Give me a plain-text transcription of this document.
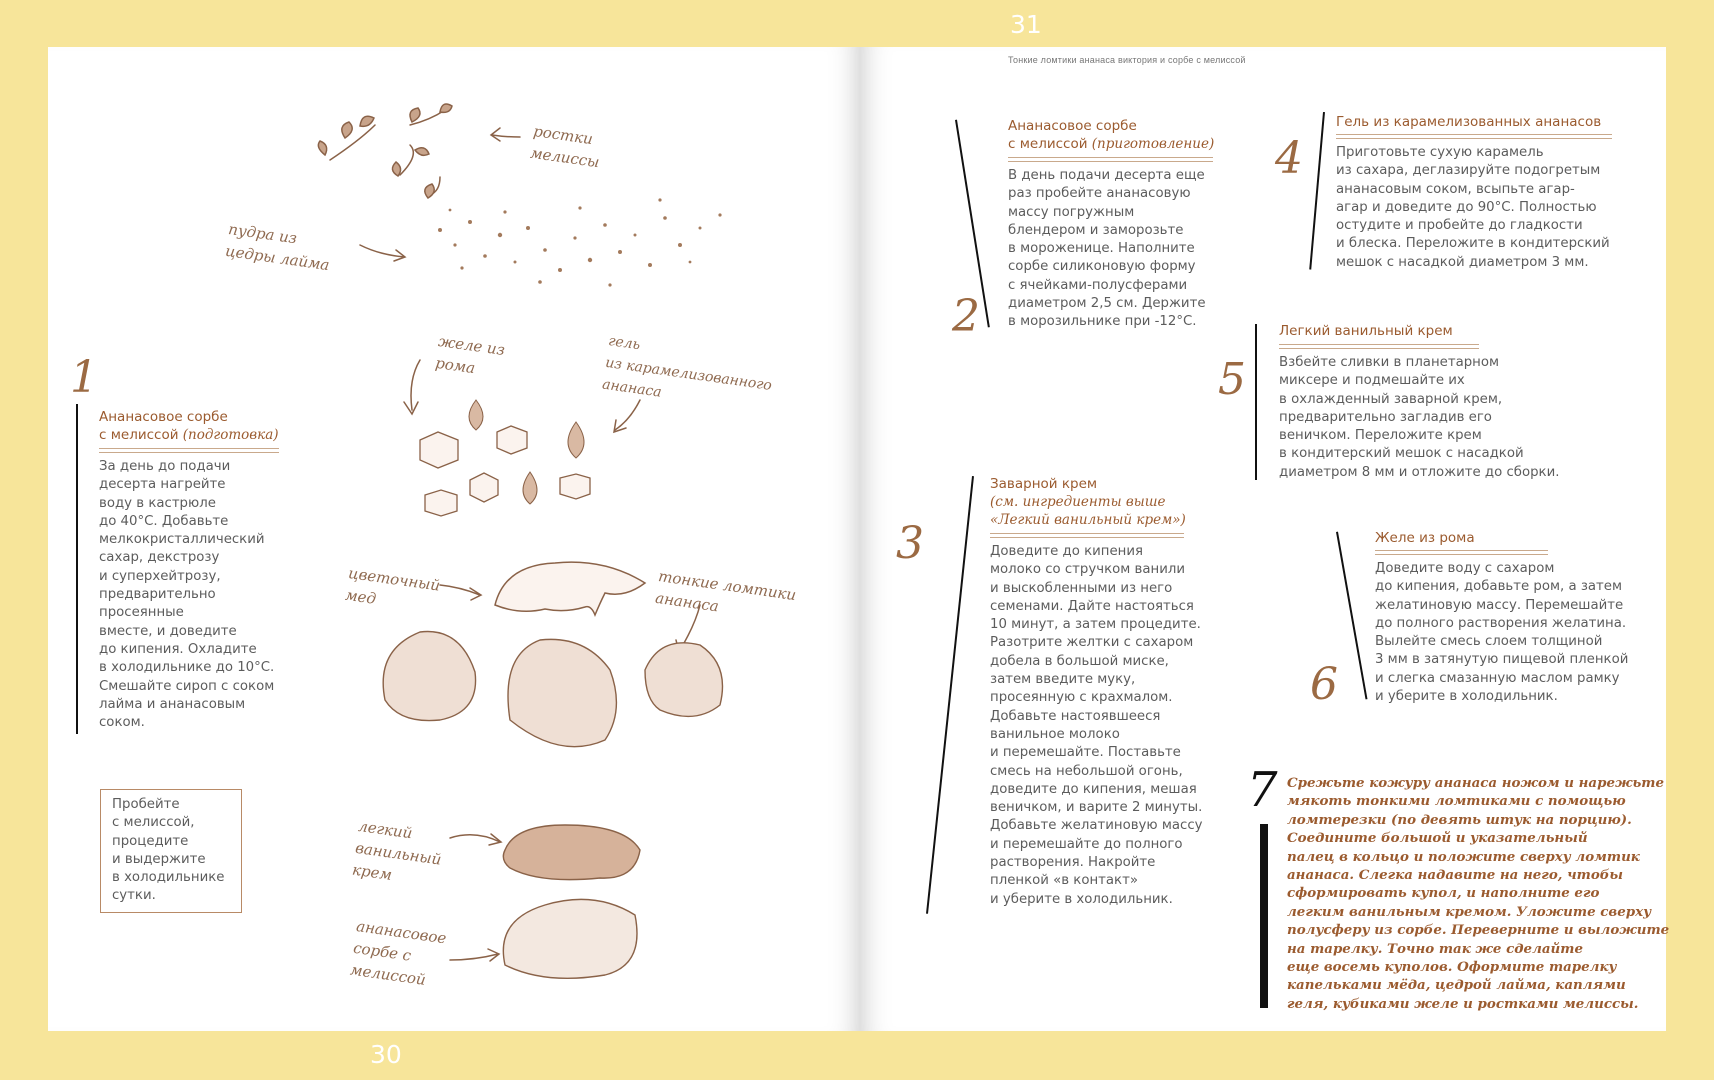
30
31
Тонкие ломтики ананаса виктория и сорбе с мелиссой
ростки
мелиссы
пудра из
цедры лайма
желе из
рома
гель
из карамелизованного
ананаса
цветочный
мед	тонкие ломтики
ананаса
легкий
ванильный
крем
ананасовое
сорбе с
мелиссой
1
Ананасовое сорбе
с мелиссой (подготовка)
За день до подачи
десерта нагрейте
воду в кастрюле
до 40°С. Добавьте
мелкокристаллический
сахар, декстрозу
и суперхейтрозу,
предварительно
просеянные
вместе, и доведите
до кипения. Охладите
в холодильнике до 10°С.
Смешайте сироп с соком
лайма и ананасовым
соком.
Пробейте
с мелиссой,
процедите
и выдержите
в холодильнике
сутки.
2
Ананасовое сорбе
с мелиссой (приготовление)
В день подачи десерта еще
раз пробейте ананасовую
массу погружным
блендером и заморозьте
в мороженице. Наполните
сорбе силиконовую форму
с ячейками-полусферами
диаметром 2,5 см. Держите
в морозильнике при -12°С.
3
Заварной крем
(см. ингредиенты выше
«Легкий ванильный крем»)
Доведите до кипения
молоко со стручком ванили
и выскобленными из него
семенами. Дайте настояться
10 минут, а затем процедите.
Разотрите желтки с сахаром
добела в большой миске,
затем введите муку,
просеянную с крахмалом.
Добавьте настоявшееся
ванильное молоко
и перемешайте. Поставьте
смесь на небольшой огонь,
доведите до кипения, мешая
веничком, и варите 2 минуты.
Добавьте желатиновую массу
и перемешайте до полного
растворения. Накройте
пленкой «в контакт»
и уберите в холодильник.
4
Гель из карамелизованных ананасов
Приготовьте сухую карамель
из сахара, деглазируйте подогретым
ананасовым соком, всыпьте агар-
агар и доведите до 90°С. Полностью
остудите и пробейте до гладкости
и блеска. Переложите в кондитерский
мешок с насадкой диаметром 3 мм.
5
Легкий ванильный крем
Взбейте сливки в планетарном
миксере и подмешайте их
в охлажденный заварной крем,
предварительно загладив его
веничком. Переложите крем
в кондитерский мешок с насадкой
диаметром 8 мм и отложите до сборки.
6
Желе из рома
Доведите воду с сахаром
до кипения, добавьте ром, а затем
желатиновую массу. Перемешайте
до полного растворения желатина.
Вылейте смесь слоем толщиной
3 мм в затянутую пищевой пленкой
и слегка смазанную маслом рамку
и уберите в холодильник.
7 Срежьте кожуру ананаса ножом и нарежьте
мякоть тонкими ломтиками с помощью
ломтерезки (по девять штук на порцию).
Соедините большой и указательный
палец в кольцо и положите сверху ломтик
ананаса. Слегка надавите на него, чтобы
сформировать купол, и наполните его
легким ванильным кремом. Уложите сверху
полусферу из сорбе. Переверните и выложите
на тарелку. Точно так же сделайте
еще восемь куполов. Оформите тарелку
капельками мёда, цедрой лайма, каплями
геля, кубиками желе и ростками мелиссы.
